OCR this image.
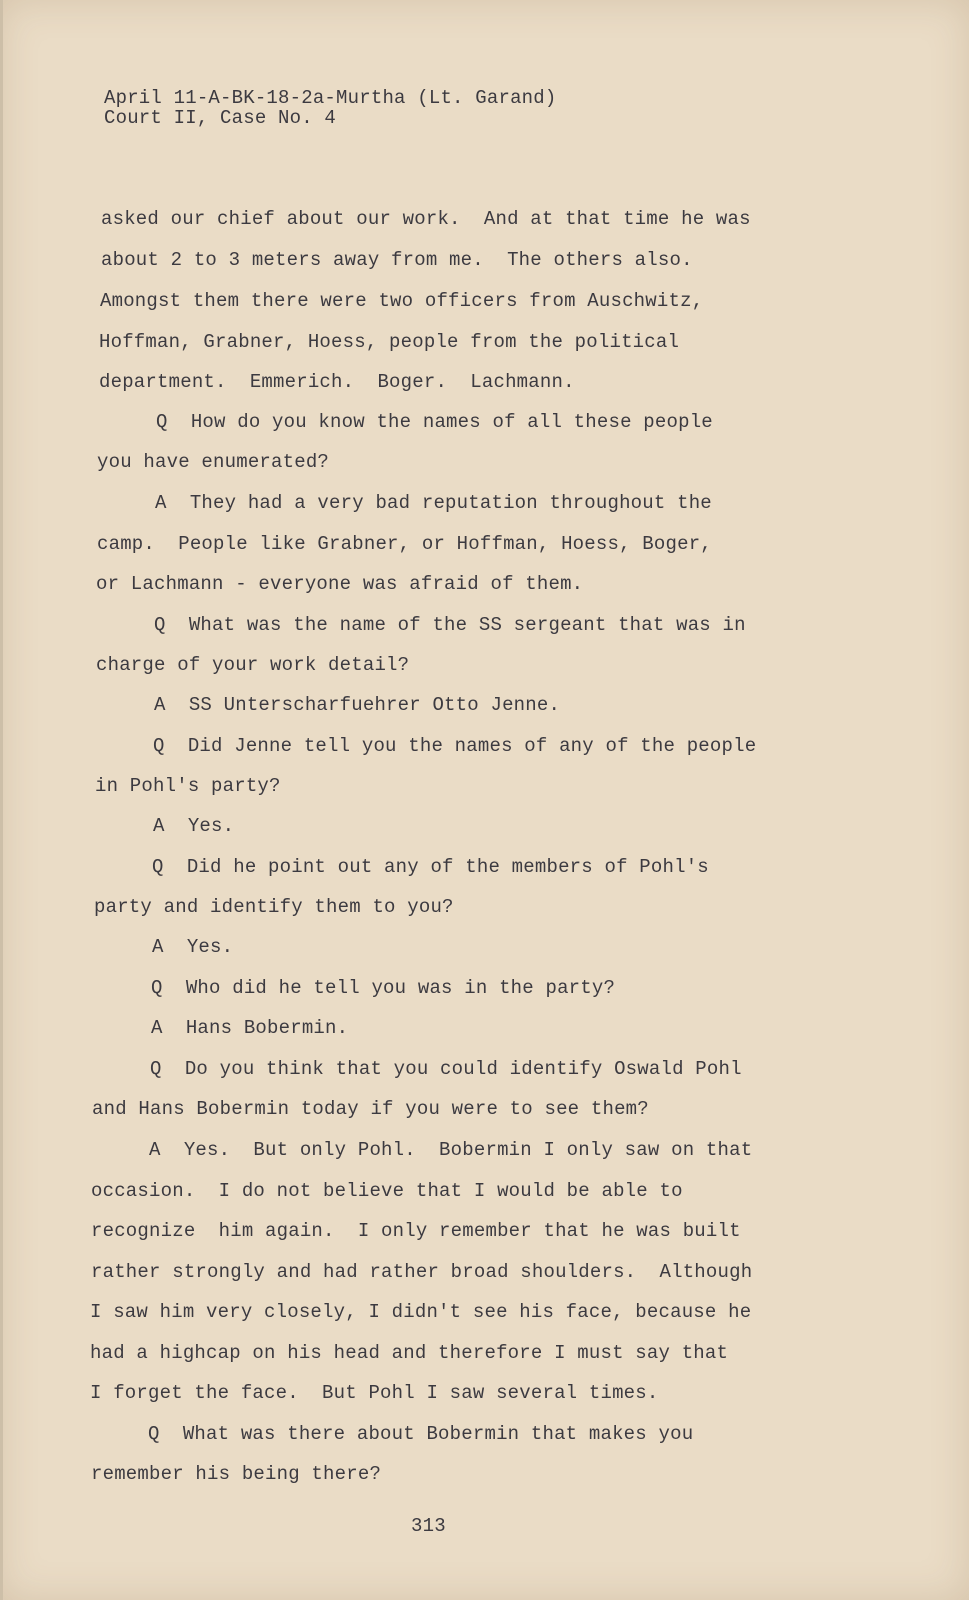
April 11-A-BK-18-2a-Murtha (Lt. Garand)
Court II, Case No. 4
asked our chief about our work.  And at that time he was
about 2 to 3 meters away from me.  The others also.
Amongst them there were two officers from Auschwitz,
Hoffman, Grabner, Hoess, people from the political
department.  Emmerich.  Boger.  Lachmann.
Q  How do you know the names of all these people
you have enumerated?
A  They had a very bad reputation throughout the
camp.  People like Grabner, or Hoffman, Hoess, Boger,
or Lachmann - everyone was afraid of them.
Q  What was the name of the SS sergeant that was in
charge of your work detail?
A  SS Unterscharfuehrer Otto Jenne.
Q  Did Jenne tell you the names of any of the people
in Pohl's party?
A  Yes.
Q  Did he point out any of the members of Pohl's
party and identify them to you?
A  Yes.
Q  Who did he tell you was in the party?
A  Hans Bobermin.
Q  Do you think that you could identify Oswald Pohl
and Hans Bobermin today if you were to see them?
A  Yes.  But only Pohl.  Bobermin I only saw on that
occasion.  I do not believe that I would be able to
recognize  him again.  I only remember that he was built
rather strongly and had rather broad shoulders.  Although
I saw him very closely, I didn't see his face, because he
had a highcap on his head and therefore I must say that
I forget the face.  But Pohl I saw several times.
Q  What was there about Bobermin that makes you
remember his being there?
313
